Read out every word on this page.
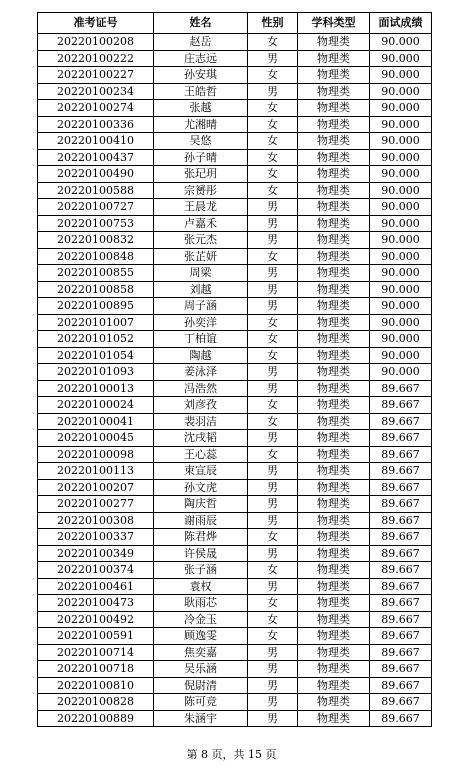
准考证号	姓名	性别	学科类型	面试成绩
20220100208	赵岳	女	物理类	90.000
20220100222	庄志远	男	物理类	90.000
20220100227	孙安琪	女	物理类	90.000
20220100234	王皓哲	男	物理类	90.000
20220100274	张越	女	物理类	90.000
20220100336	尤湘晴	女	物理类	90.000
20220100410	吴悠	女	物理类	90.000
20220100437	孙子晴	女	物理类	90.000
20220100490	张玘玥	女	物理类	90.000
20220100588	宗赟彤	女	物理类	90.000
20220100727	王晨龙	男	物理类	90.000
20220100753	卢嘉禾	男	物理类	90.000
20220100832	张元杰	男	物理类	90.000
20220100848	张芷妍	女	物理类	90.000
20220100855	周梁	男	物理类	90.000
20220100858	刘越	男	物理类	90.000
20220100895	周子涵	男	物理类	90.000
20220101007	孙奕洋	女	物理类	90.000
20220101052	丁柏谊	女	物理类	90.000
20220101054	陶越	女	物理类	90.000
20220101093	姜泳泽	男	物理类	90.000
20220100013	冯浩然	男	物理类	89.667
20220100024	刘彦孜	女	物理类	89.667
20220100041	裴羽洁	女	物理类	89.667
20220100045	沈戌韬	男	物理类	89.667
20220100098	王心蕊	女	物理类	89.667
20220100113	束宣辰	男	物理类	89.667
20220100207	孙文虎	男	物理类	89.667
20220100277	陶庆哲	男	物理类	89.667
20220100308	谢雨辰	男	物理类	89.667
20220100337	陈君烨	女	物理类	89.667
20220100349	许侯晟	男	物理类	89.667
20220100374	张子涵	女	物理类	89.667
20220100461	袁权	男	物理类	89.667
20220100473	耿雨芯	女	物理类	89.667
20220100492	冷金玉	女	物理类	89.667
20220100591	顾逸雯	女	物理类	89.667
20220100714	焦奕嘉	男	物理类	89.667
20220100718	吴乐涵	男	物理类	89.667
20220100810	倪尉清	男	物理类	89.667
20220100828	陈可竞	男	物理类	89.667
20220100889	朱涵宇	男	物理类	89.667
第 8 页，共 15 页
